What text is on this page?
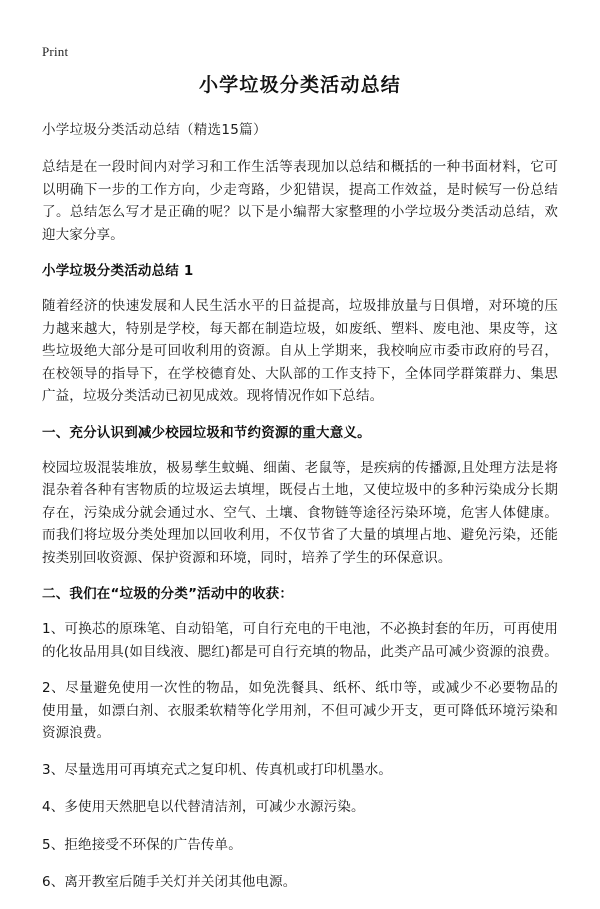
Print
小学垃圾分类活动总结
小学垃圾分类活动总结（精选15篇）

总结是在一段时间内对学习和工作生活等表现加以总结和概括的一种书面材料，它可以明确下一步的工作方向，少走弯路，少犯错误，提高工作效益，是时候写一份总结了。总结怎么写才是正确的呢？以下是小编帮大家整理的小学垃圾分类活动总结，欢迎大家分享。

小学垃圾分类活动总结 1

随着经济的快速发展和人民生活水平的日益提高，垃圾排放量与日俱增，对环境的压力越来越大，特别是学校，每天都在制造垃圾，如废纸、塑料、废电池、果皮等，这些垃圾绝大部分是可回收利用的资源。自从上学期来，我校响应市委市政府的号召，在校领导的指导下，在学校德育处、大队部的工作支持下，全体同学群策群力、集思广益，垃圾分类活动已初见成效。现将情况作如下总结。

一、充分认识到减少校园垃圾和节约资源的重大意义。

校园垃圾混装堆放，极易孳生蚊蝇、细菌、老鼠等，是疾病的传播源,且处理方法是将混杂着各种有害物质的垃圾运去填埋，既侵占土地，又使垃圾中的多种污染成分长期存在，污染成分就会通过水、空气、土壤、食物链等途径污染环境，危害人体健康。而我们将垃圾分类处理加以回收利用，不仅节省了大量的填埋占地、避免污染，还能按类别回收资源、保护资源和环境，同时，培养了学生的环保意识。

二、我们在“垃圾的分类”活动中的收获：

1、可换芯的原珠笔、自动铅笔，可自行充电的干电池，不必换封套的年历，可再使用的化妆品用具(如目线液、腮红)都是可自行充填的物品，此类产品可减少资源的浪费。

2、尽量避免使用一次性的物品，如免洗餐具、纸杯、纸巾等，或减少不必要物品的 使用量，如漂白剂、衣服柔软精等化学用剂，不但可减少开支，更可降低环境污染和资源浪费。

3、尽量选用可再填充式之复印机、传真机或打印机墨水。

4、多使用天然肥皂以代替清洁剂，可减少水源污染。

5、拒绝接受不环保的广告传单。

6、离开教室后随手关灯并关闭其他电源。
